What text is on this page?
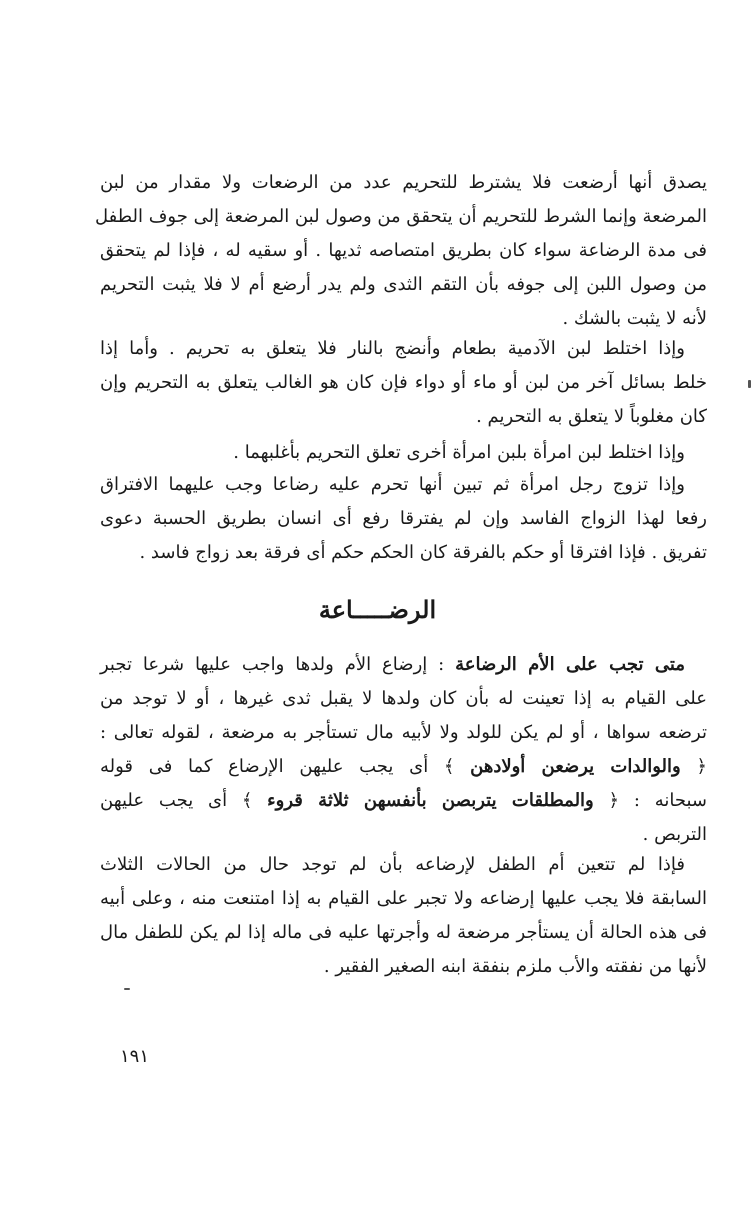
يصدق أنها أرضعت فلا يشترط للتحريم عدد من الرضعات ولا مقدار من لبن
المرضعة وإنما الشرط للتحريم أن يتحقق من وصول لبن المرضعة إلى جوف الطفل
فى مدة الرضاعة سواء كان بطريق امتصاصه ثديها . أو سقيه له ، فإذا لم يتحقق
من وصول اللبن إلى جوفه بأن التقم الثدى ولم يدر أرضع أم لا فلا يثبت التحريم
لأنه لا يثبت بالشك .
وإذا اختلط لبن الآدمية بطعام وأنضج بالنار فلا يتعلق به تحريم . وأما إذا
خلط بسائل آخر من لبن أو ماء أو دواء فإن كان هو الغالب يتعلق به التحريم وإن
كان مغلوباً لا يتعلق به التحريم .
وإذا اختلط لبن امرأة بلبن امرأة أخرى تعلق التحريم بأغلبهما .
وإذا تزوج رجل امرأة ثم تبين أنها تحرم عليه رضاعا وجب عليهما الافتراق
رفعا لهذا الزواج الفاسد وإن لم يفترقا رفع أى انسان بطريق الحسبة دعوى
تفريق . فإذا افترقا أو حكم بالفرقة كان الحكم حكم أى فرقة بعد زواج فاسد .
الرضـــــاعة
متى تجب على الأم الرضاعة : إرضاع الأم ولدها واجب عليها شرعا تجبر
على القيام به إذا تعينت له بأن كان ولدها لا يقبل ثدى غيرها ، أو لا توجد من
ترضعه سواها ، أو لم يكن للولد ولا لأبيه مال تستأجر به مرضعة ، لقوله تعالى :
﴿ والوالدات يرضعن أولادهن ﴾ أى يجب عليهن الإرضاع كما فى قوله
سبحانه : ﴿ والمطلقات يتربصن بأنفسهن ثلاثة قروء ﴾ أى يجب عليهن
التربص .
فإذا لم تتعين أم الطفل لإرضاعه بأن لم توجد حال من الحالات الثلاث
السابقة فلا يجب عليها إرضاعه ولا تجبر على القيام به إذا امتنعت منه ، وعلى أبيه
فى هذه الحالة أن يستأجر مرضعة له وأجرتها عليه فى ماله إذا لم يكن للطفل مال
لأنها من نفقته والأب ملزم بنفقة ابنه الصغير الفقير .
١٩١
